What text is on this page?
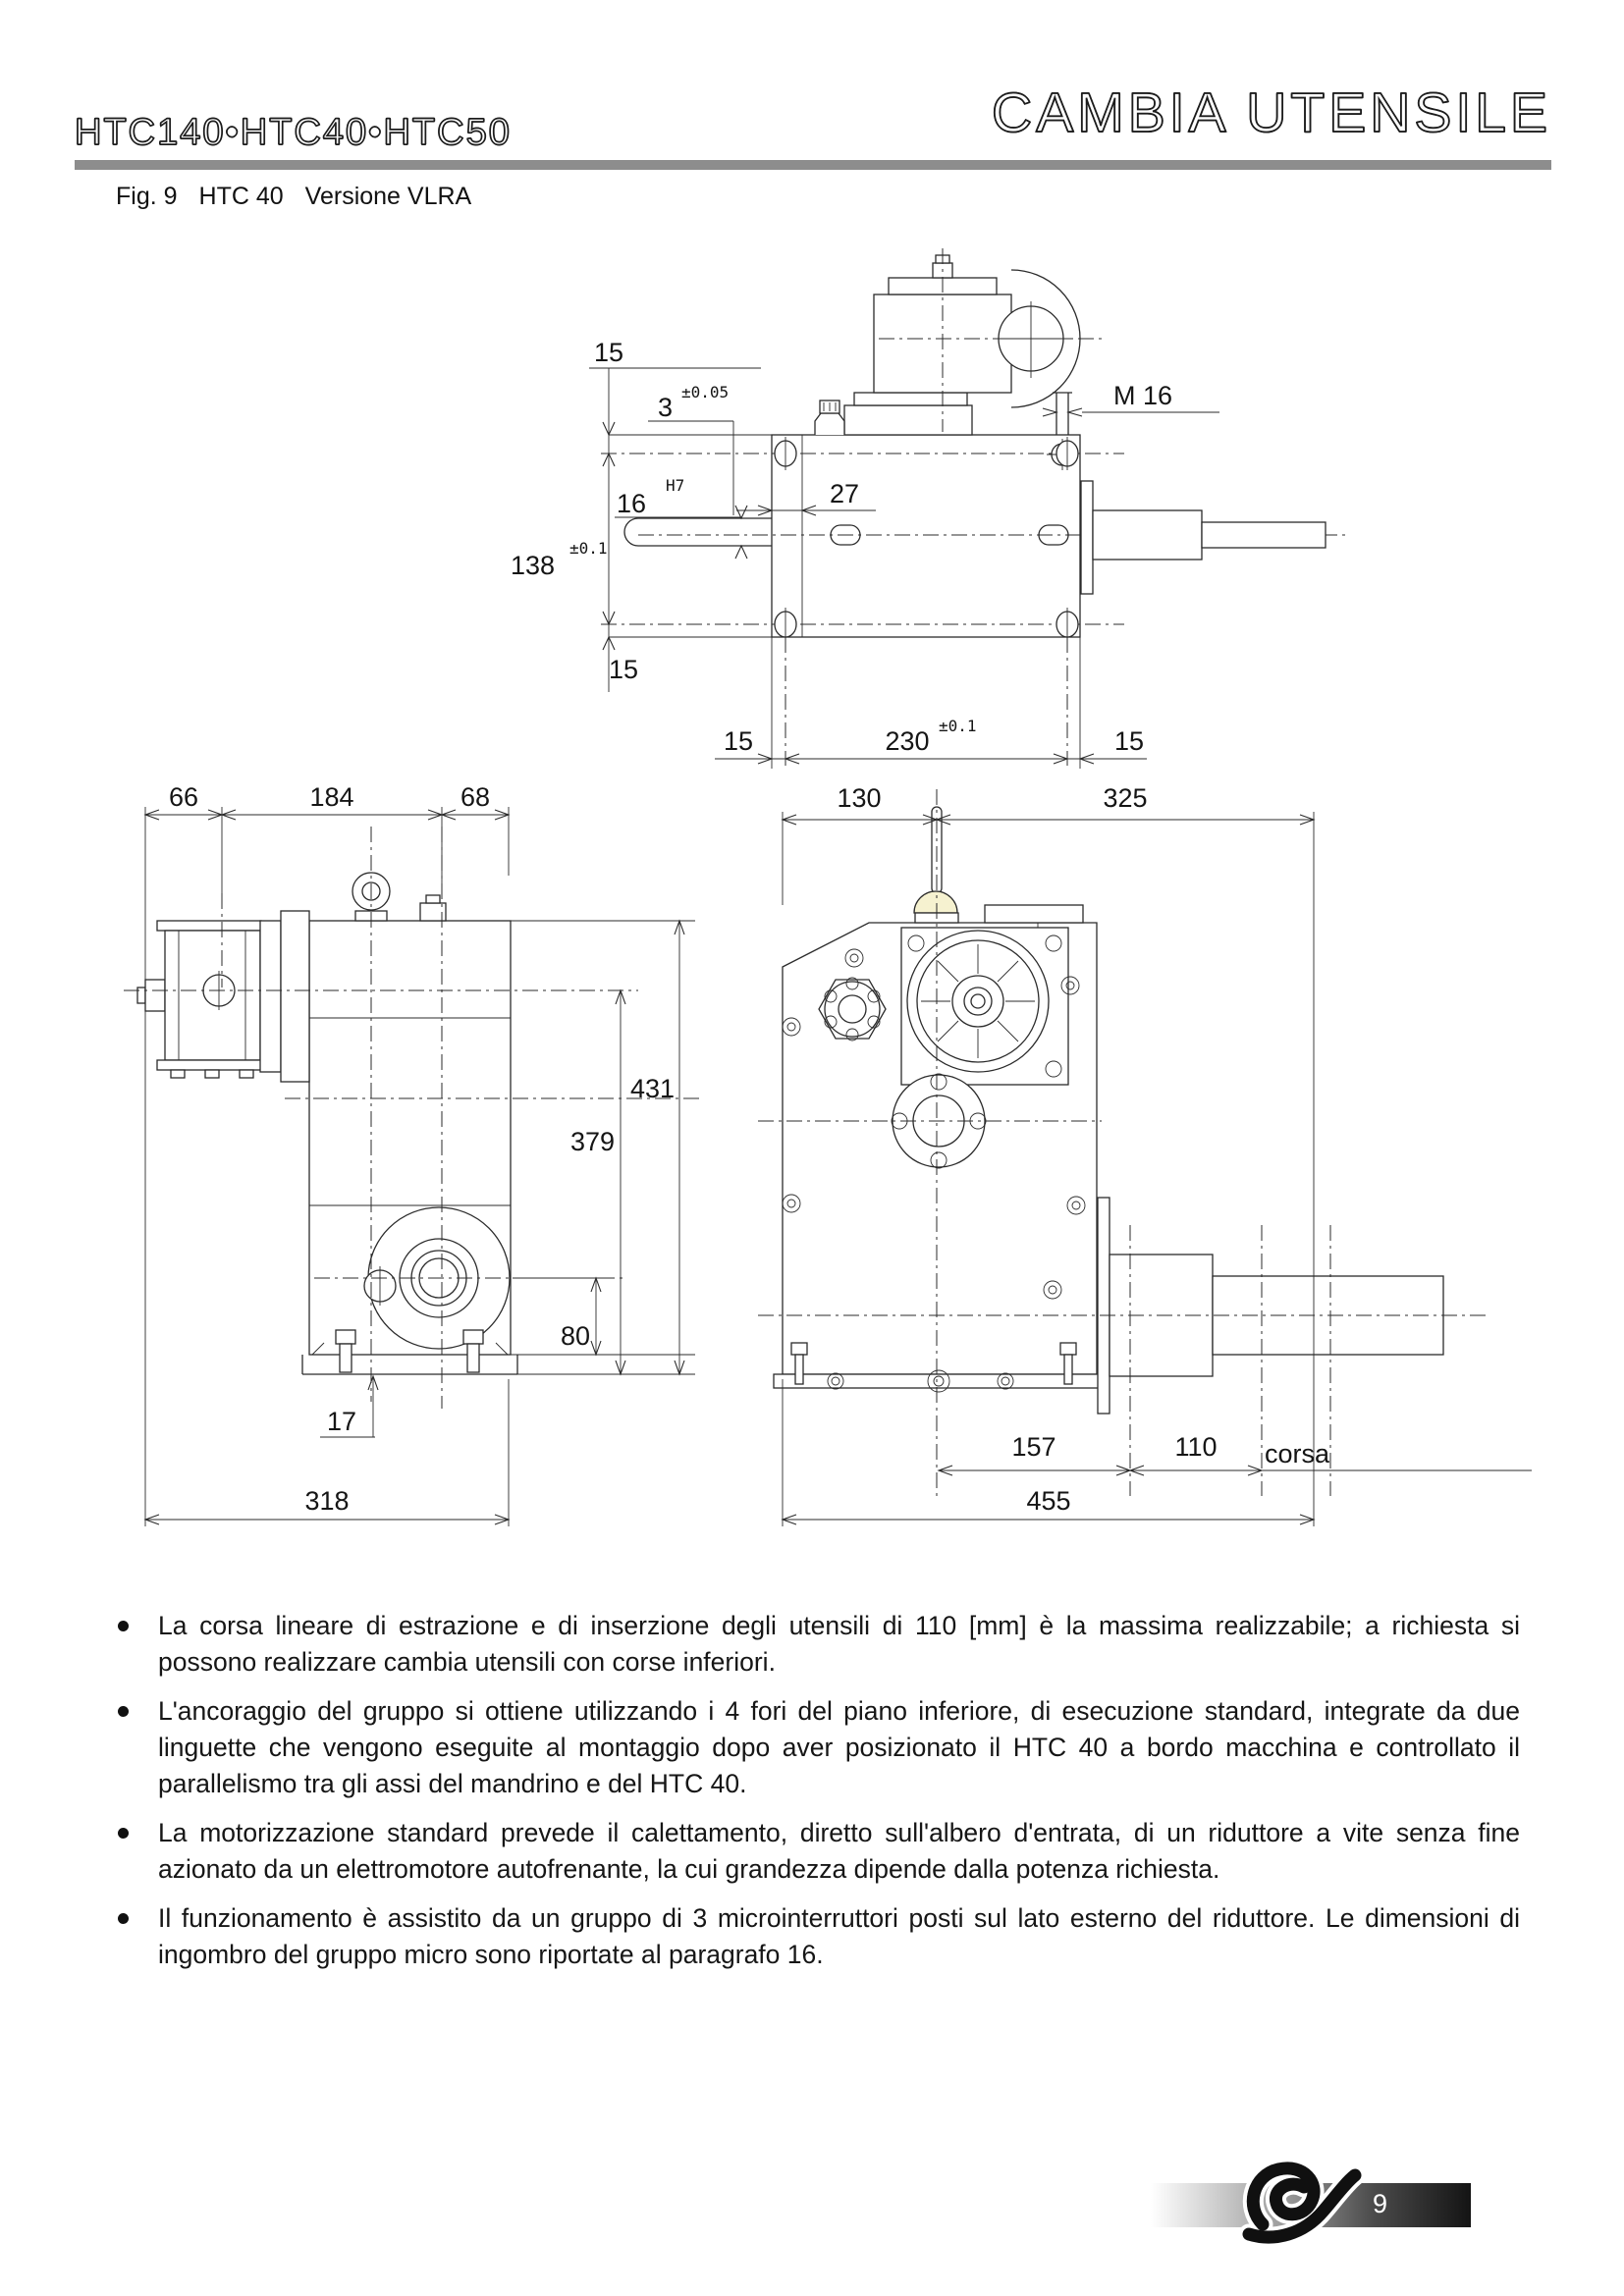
HTC140•HTC40•HTC50	CAMBIA UTENSILE
Fig. 9 HTC 40 Versione VLRA
15
3
±0.05
16
H7
138
±0.1
27
M 16
15
15	230
±0.1
15
66	184	68
431
379
80
17
318
130	325
157	110 corsa
455

La corsa lineare di estrazione e di inserzione degli utensili di 110 [mm] è la massima realizzabile; a richiesta si possono realizzare cambia utensili con corse inferiori.

L'ancoraggio del gruppo si ottiene utilizzando i 4 fori del piano inferiore, di esecuzione standard, integrate da due linguette che vengono eseguite al montaggio dopo aver posizionato il HTC 40 a bordo macchina e controllato il parallelismo tra gli assi del mandrino e del HTC 40.

La motorizzazione standard prevede il calettamento, diretto sull'albero d'entrata, di un riduttore a vite senza fine azionato da un elettromotore autofrenante, la cui grandezza dipende dalla potenza richiesta.

Il funzionamento è assistito da un gruppo di 3 microinterruttori posti sul lato esterno del riduttore. Le dimensioni di ingombro del gruppo micro sono riportate al paragrafo 16.

9
